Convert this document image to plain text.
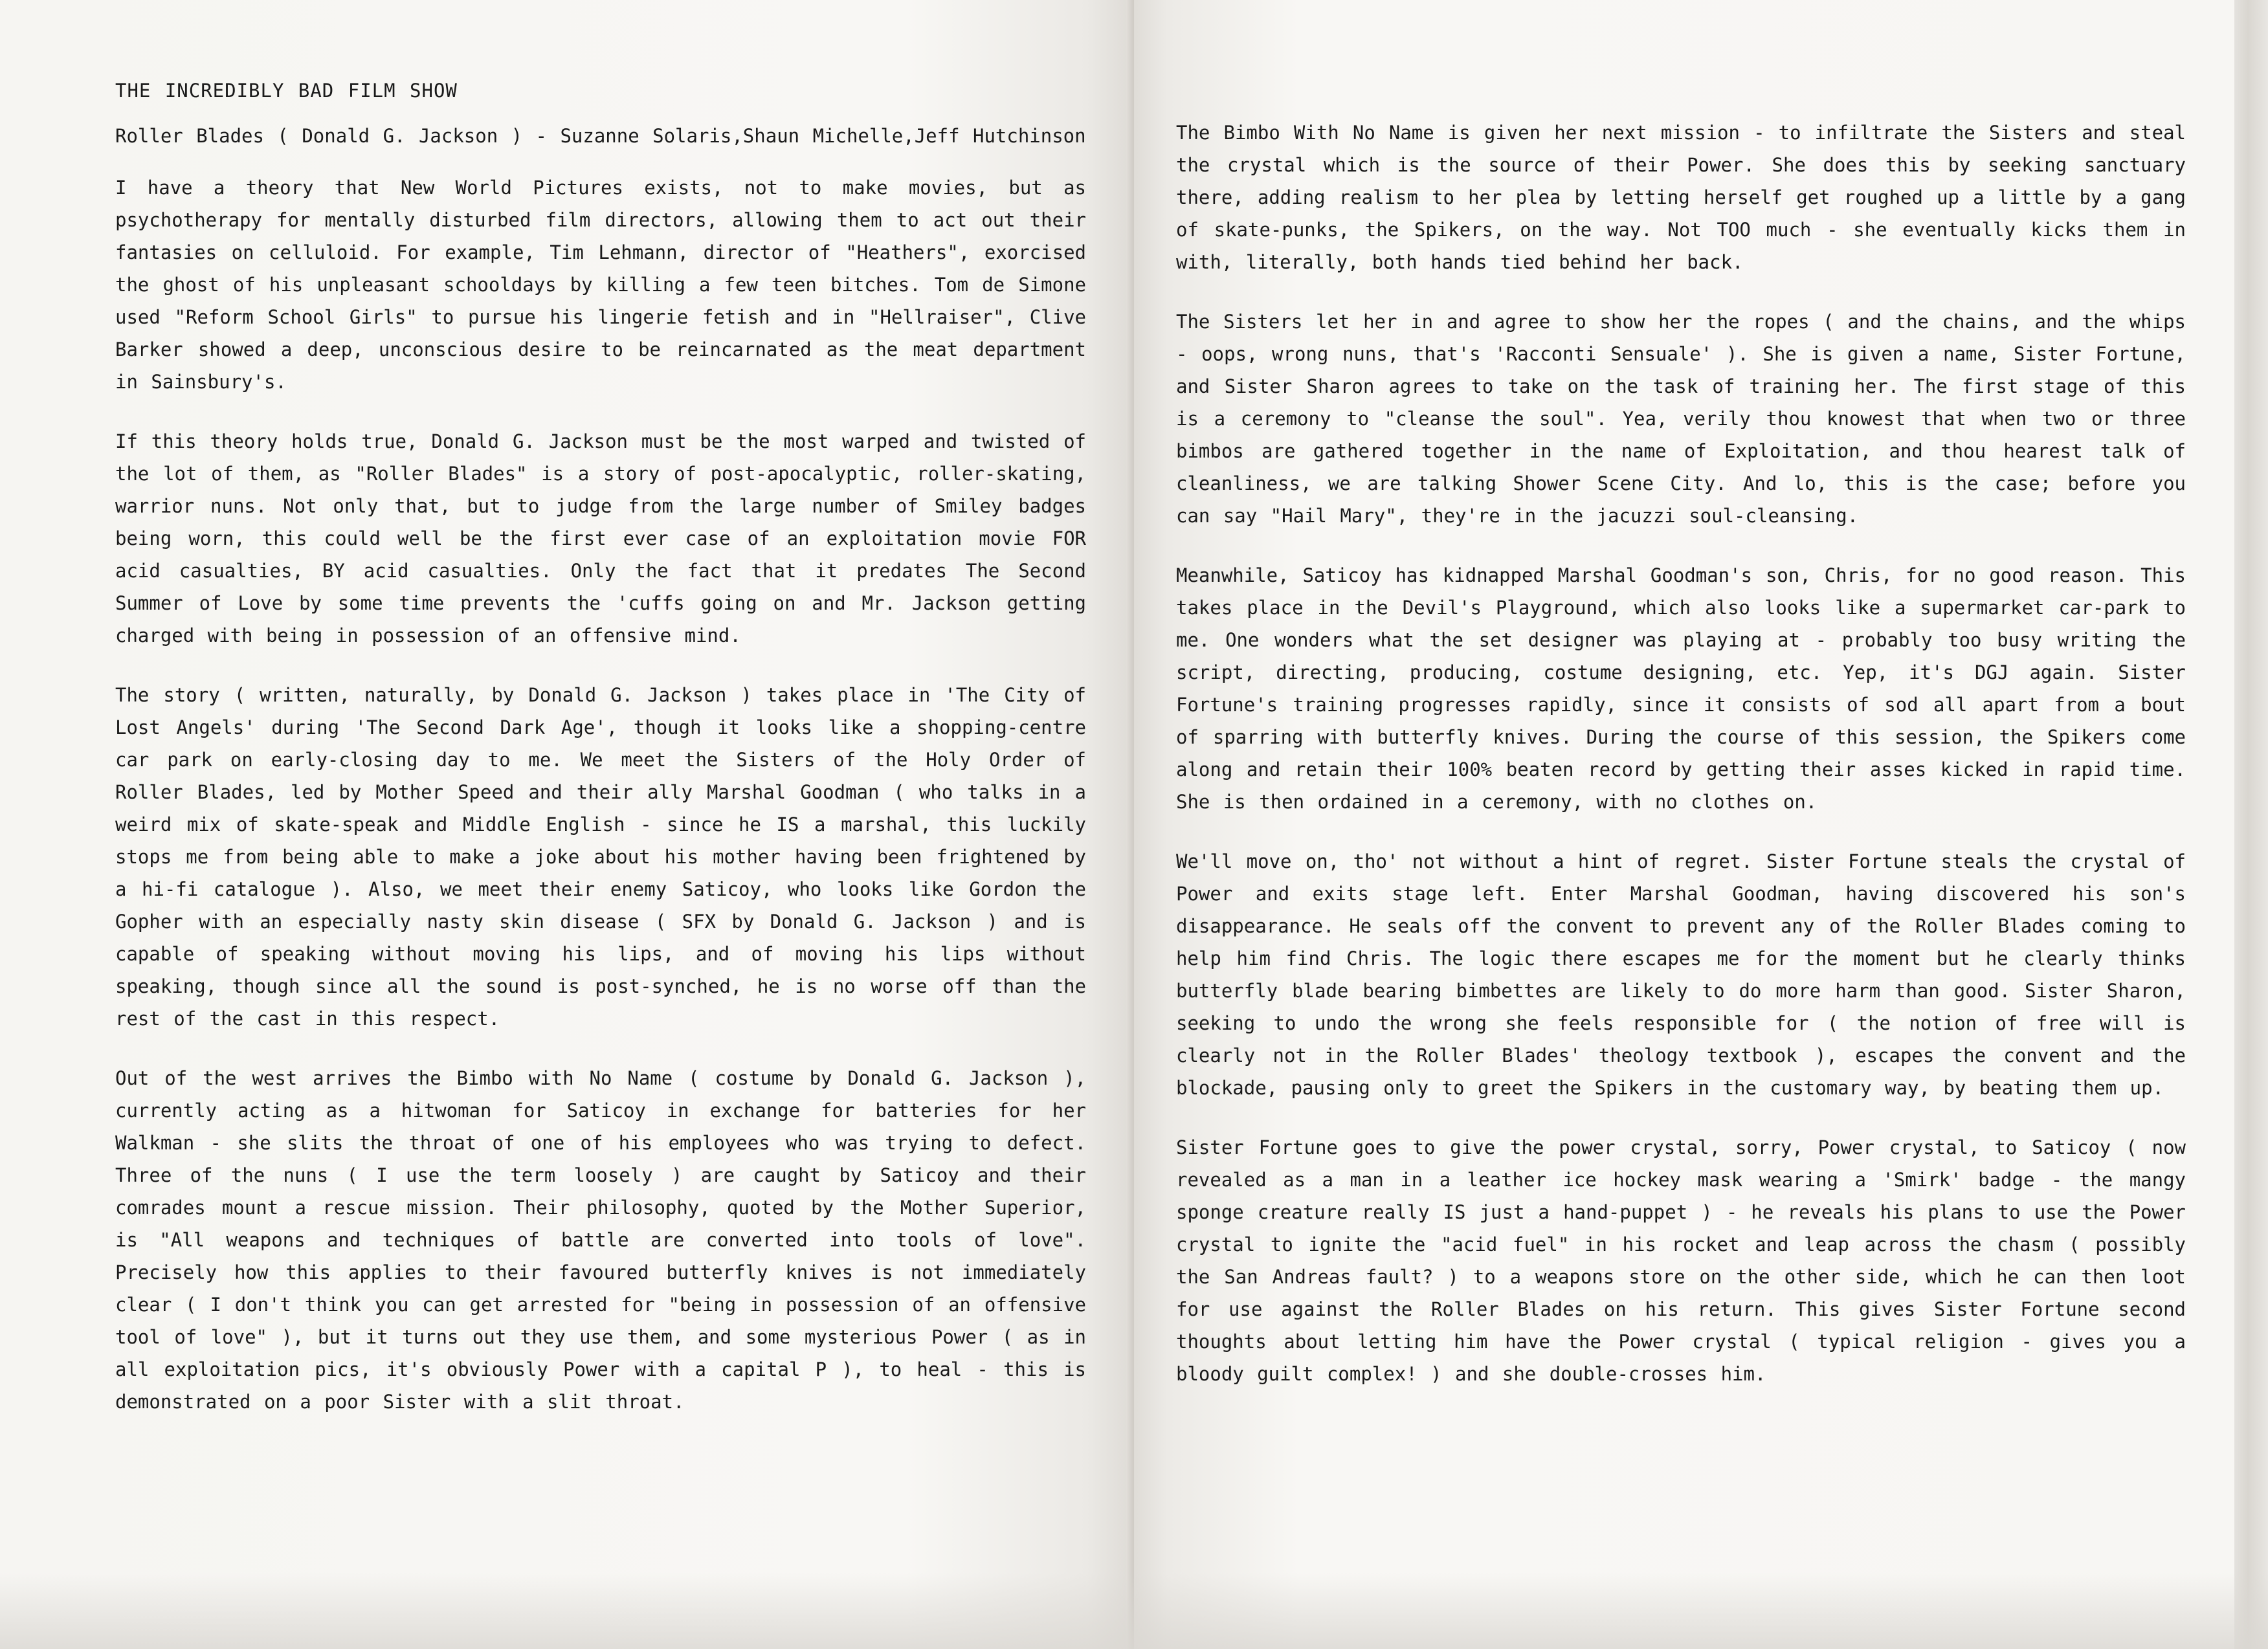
THE INCREDIBLY BAD FILM SHOW
Roller Blades ( Donald G. Jackson ) - Suzanne Solaris,Shaun Michelle,Jeff Hutchinson

I have a theory that New World Pictures exists, not to make movies, but as psychotherapy for mentally disturbed film directors, allowing them to act out their fantasies on celluloid. For example, Tim Lehmann, director of "Heathers", exorcised the ghost of his unpleasant schooldays by killing a few teen bitches. Tom de Simone used "Reform School Girls" to pursue his lingerie fetish and in "Hellraiser", Clive Barker showed a deep, unconscious desire to be reincarnated as the meat department in Sainsbury's.

If this theory holds true, Donald G. Jackson must be the most warped and twisted of the lot of them, as "Roller Blades" is a story of post-apocalyptic, roller-skating, warrior nuns. Not only that, but to judge from the large number of Smiley badges being worn, this could well be the first ever case of an exploitation movie FOR acid casualties, BY acid casualties. Only the fact that it predates The Second Summer of Love by some time prevents the 'cuffs going on and Mr. Jackson getting charged with being in possession of an offensive mind.

The story ( written, naturally, by Donald G. Jackson ) takes place in 'The City of Lost Angels' during 'The Second Dark Age', though it looks like a shopping-centre car park on early-closing day to me. We meet the Sisters of the Holy Order of Roller Blades, led by Mother Speed and their ally Marshal Goodman ( who talks in a weird mix of skate-speak and Middle English - since he IS a marshal, this luckily stops me from being able to make a joke about his mother having been frightened by a hi-fi catalogue ). Also, we meet their enemy Saticoy, who looks like Gordon the Gopher with an especially nasty skin disease ( SFX by Donald G. Jackson ) and is capable of speaking without moving his lips, and of moving his lips without speaking, though since all the sound is post-synched, he is no worse off than the rest of the cast in this respect.

Out of the west arrives the Bimbo with No Name ( costume by Donald G. Jackson ), currently acting as a hitwoman for Saticoy in exchange for batteries for her Walkman - she slits the throat of one of his employees who was trying to defect. Three of the nuns ( I use the term loosely ) are caught by Saticoy and their comrades mount a rescue mission. Their philosophy, quoted by the Mother Superior, is "All weapons and techniques of battle are converted into tools of love". Precisely how this applies to their favoured butterfly knives is not immediately clear ( I don't think you can get arrested for "being in possession of an offensive tool of love" ), but it turns out they use them, and some mysterious Power ( as in all exploitation pics, it's obviously Power with a capital P ), to heal - this is demonstrated on a poor Sister with a slit throat.

The Bimbo With No Name is given her next mission - to infiltrate the Sisters and steal the crystal which is the source of their Power. She does this by seeking sanctuary there, adding realism to her plea by letting herself get roughed up a little by a gang of skate-punks, the Spikers, on the way. Not TOO much - she eventually kicks them in with, literally, both hands tied behind her back.

The Sisters let her in and agree to show her the ropes ( and the chains, and the whips - oops, wrong nuns, that's 'Racconti Sensuale' ). She is given a name, Sister Fortune, and Sister Sharon agrees to take on the task of training her. The first stage of this is a ceremony to "cleanse the soul". Yea, verily thou knowest that when two or three bimbos are gathered together in the name of Exploitation, and thou hearest talk of cleanliness, we are talking Shower Scene City. And lo, this is the case; before you can say "Hail Mary", they're in the jacuzzi soul-cleansing.

Meanwhile, Saticoy has kidnapped Marshal Goodman's son, Chris, for no good reason. This takes place in the Devil's Playground, which also looks like a supermarket car-park to me. One wonders what the set designer was playing at - probably too busy writing the script, directing, producing, costume designing, etc. Yep, it's DGJ again. Sister Fortune's training progresses rapidly, since it consists of sod all apart from a bout of sparring with butterfly knives. During the course of this session, the Spikers come along and retain their 100% beaten record by getting their asses kicked in rapid time. She is then ordained in a ceremony, with no clothes on.

We'll move on, tho' not without a hint of regret. Sister Fortune steals the crystal of Power and exits stage left. Enter Marshal Goodman, having discovered his son's disappearance. He seals off the convent to prevent any of the Roller Blades coming to help him find Chris. The logic there escapes me for the moment but he clearly thinks butterfly blade bearing bimbettes are likely to do more harm than good. Sister Sharon, seeking to undo the wrong she feels responsible for ( the notion of free will is clearly not in the Roller Blades' theology textbook ), escapes the convent and the blockade, pausing only to greet the Spikers in the customary way, by beating them up.

Sister Fortune goes to give the power crystal, sorry, Power crystal, to Saticoy ( now revealed as a man in a leather ice hockey mask wearing a 'Smirk' badge - the mangy sponge creature really IS just a hand-puppet ) - he reveals his plans to use the Power crystal to ignite the "acid fuel" in his rocket and leap across the chasm ( possibly the San Andreas fault? ) to a weapons store on the other side, which he can then loot for use against the Roller Blades on his return. This gives Sister Fortune second thoughts about letting him have the Power crystal ( typical religion - gives you a bloody guilt complex! ) and she double-crosses him.
